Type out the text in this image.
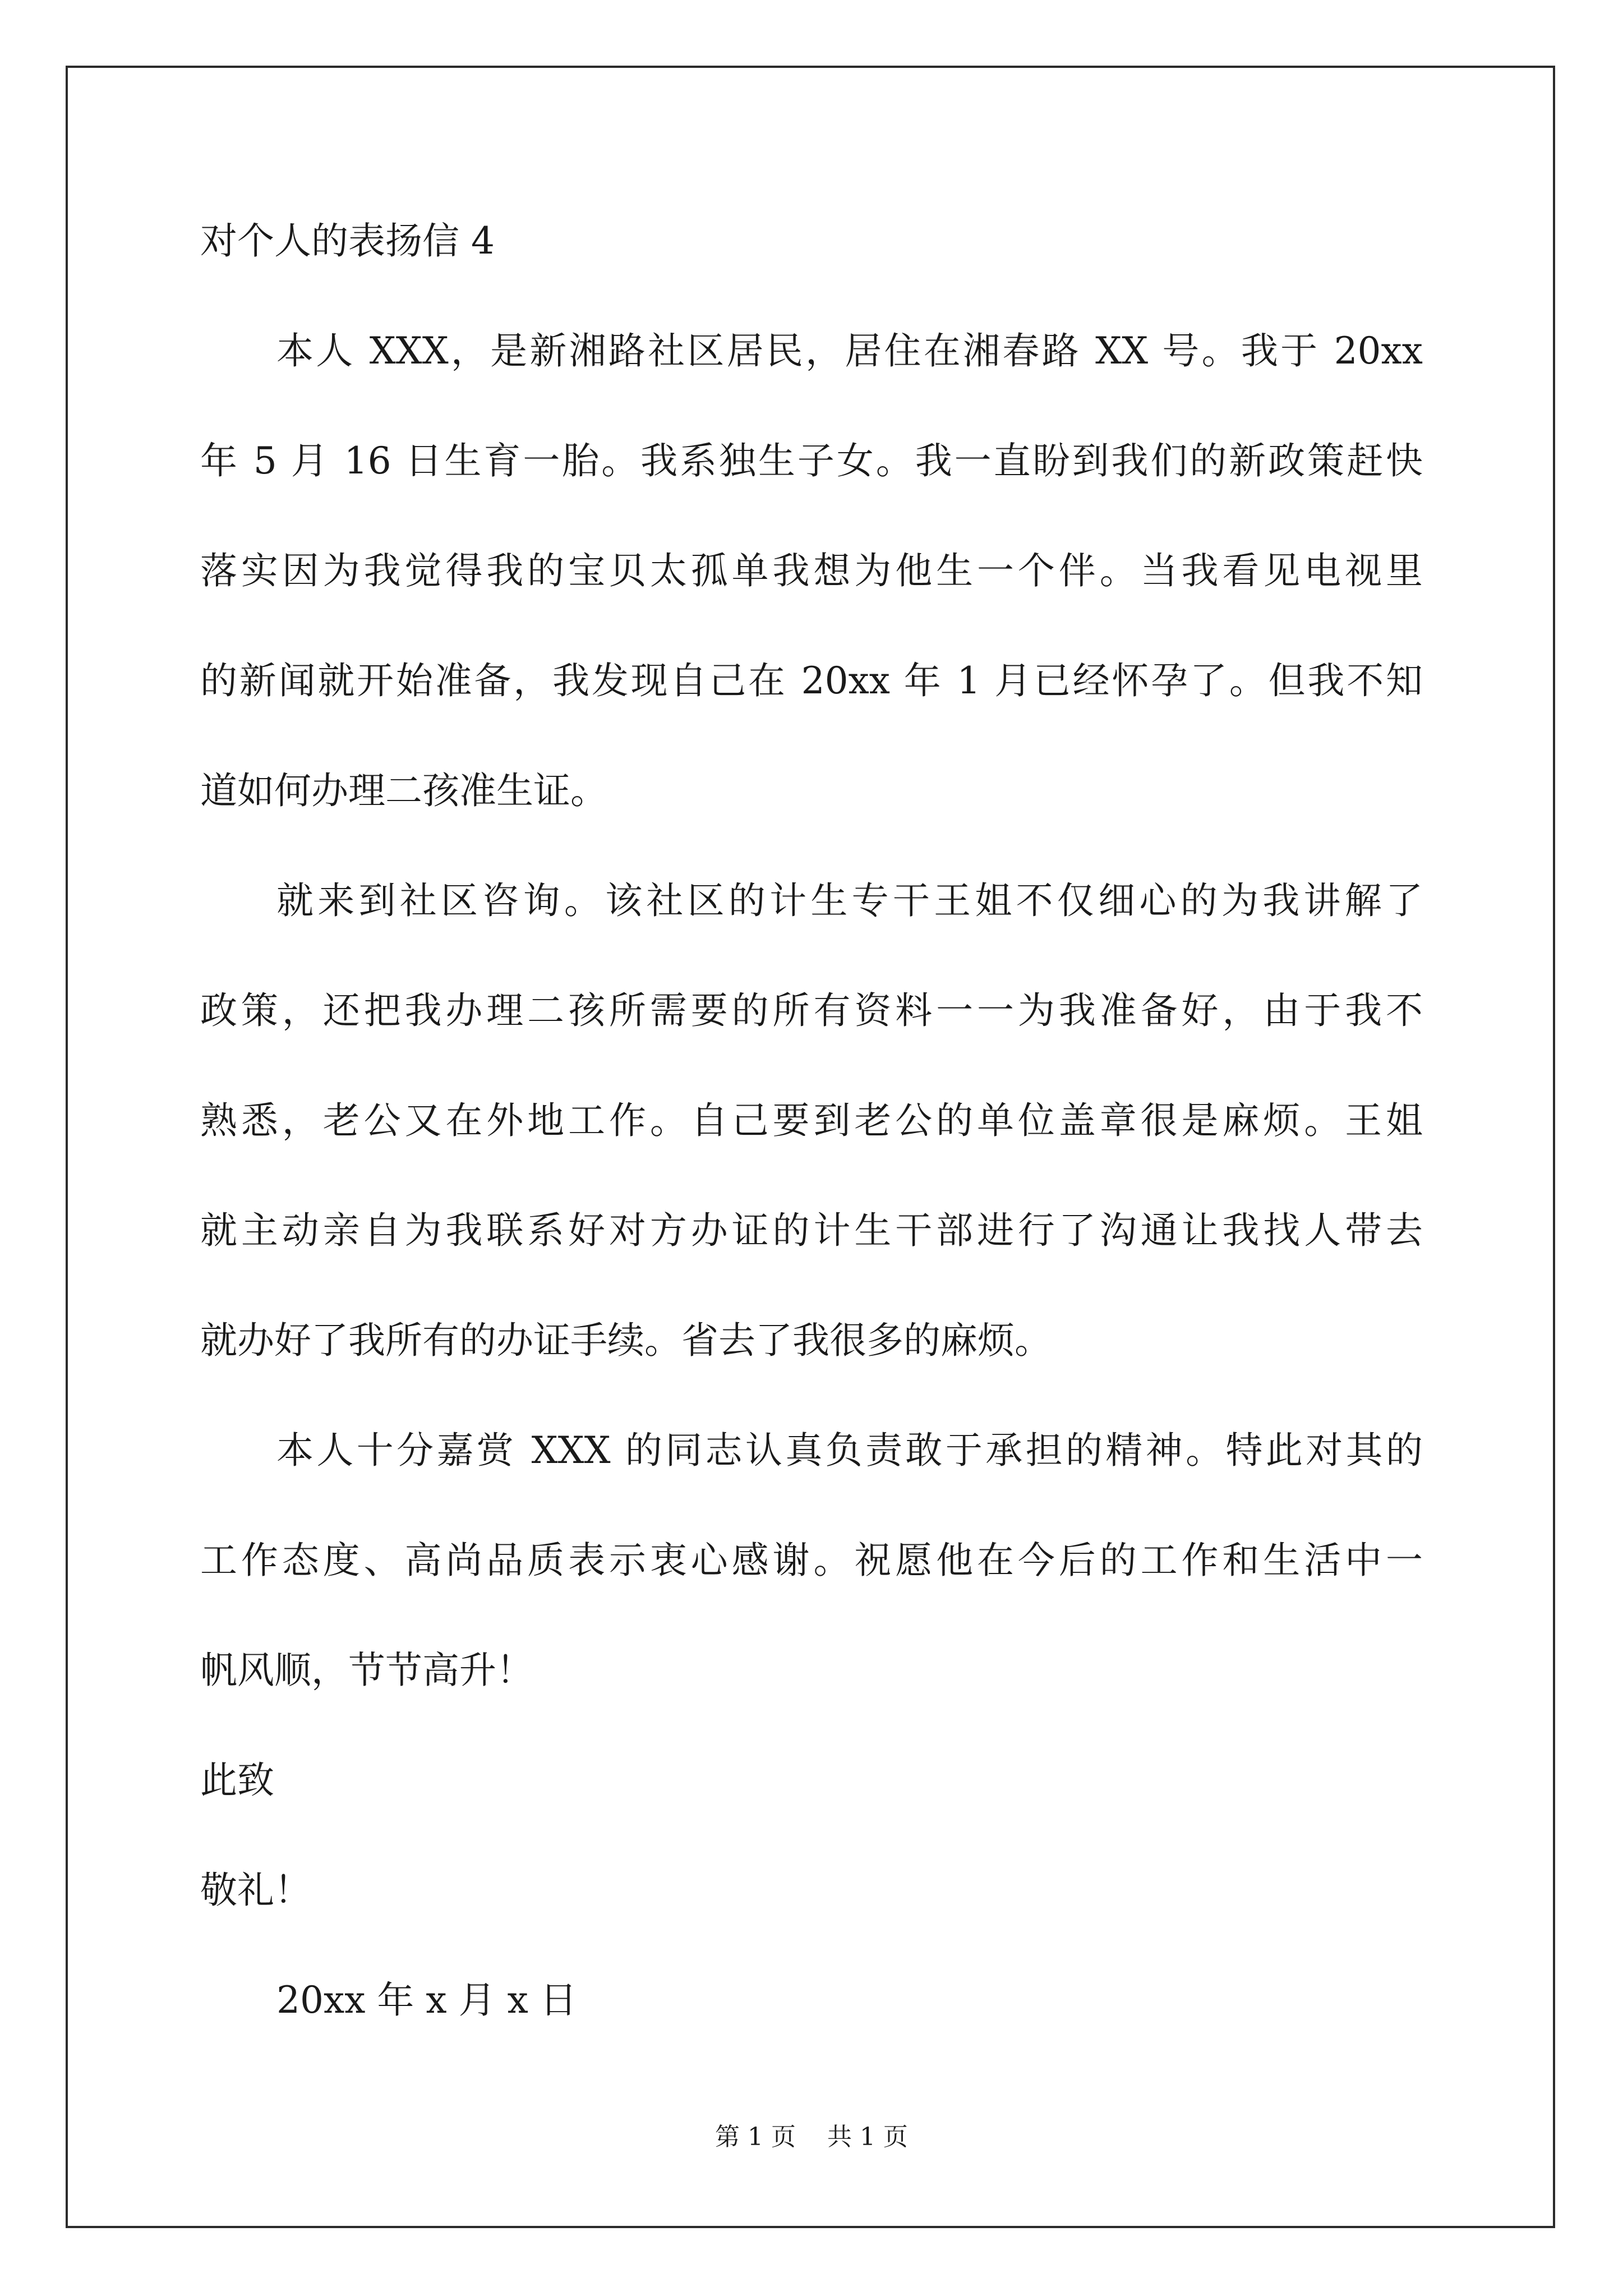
对个人的表扬信 4
本人 XXX，是新湘路社区居民，居住在湘春路 XX 号。我于 20xx
年 5 月 16 日生育一胎。我系独生子女。我一直盼到我们的新政策赶快
落实因为我觉得我的宝贝太孤单我想为他生一个伴。当我看见电视里
的新闻就开始准备，我发现自己在 20xx 年 1 月已经怀孕了。但我不知
道如何办理二孩准生证。
就来到社区咨询。该社区的计生专干王姐不仅细心的为我讲解了
政策，还把我办理二孩所需要的所有资料一一为我准备好，由于我不
熟悉，老公又在外地工作。自己要到老公的单位盖章很是麻烦。王姐
就主动亲自为我联系好对方办证的计生干部进行了沟通让我找人带去
就办好了我所有的办证手续。省去了我很多的麻烦。
本人十分嘉赏 XXX 的同志认真负责敢于承担的精神。特此对其的
工作态度、高尚品质表示衷心感谢。祝愿他在今后的工作和生活中一
帆风顺，节节高升！
此致
敬礼！
20xx 年 x 月 x 日
第 1 页    共 1 页
